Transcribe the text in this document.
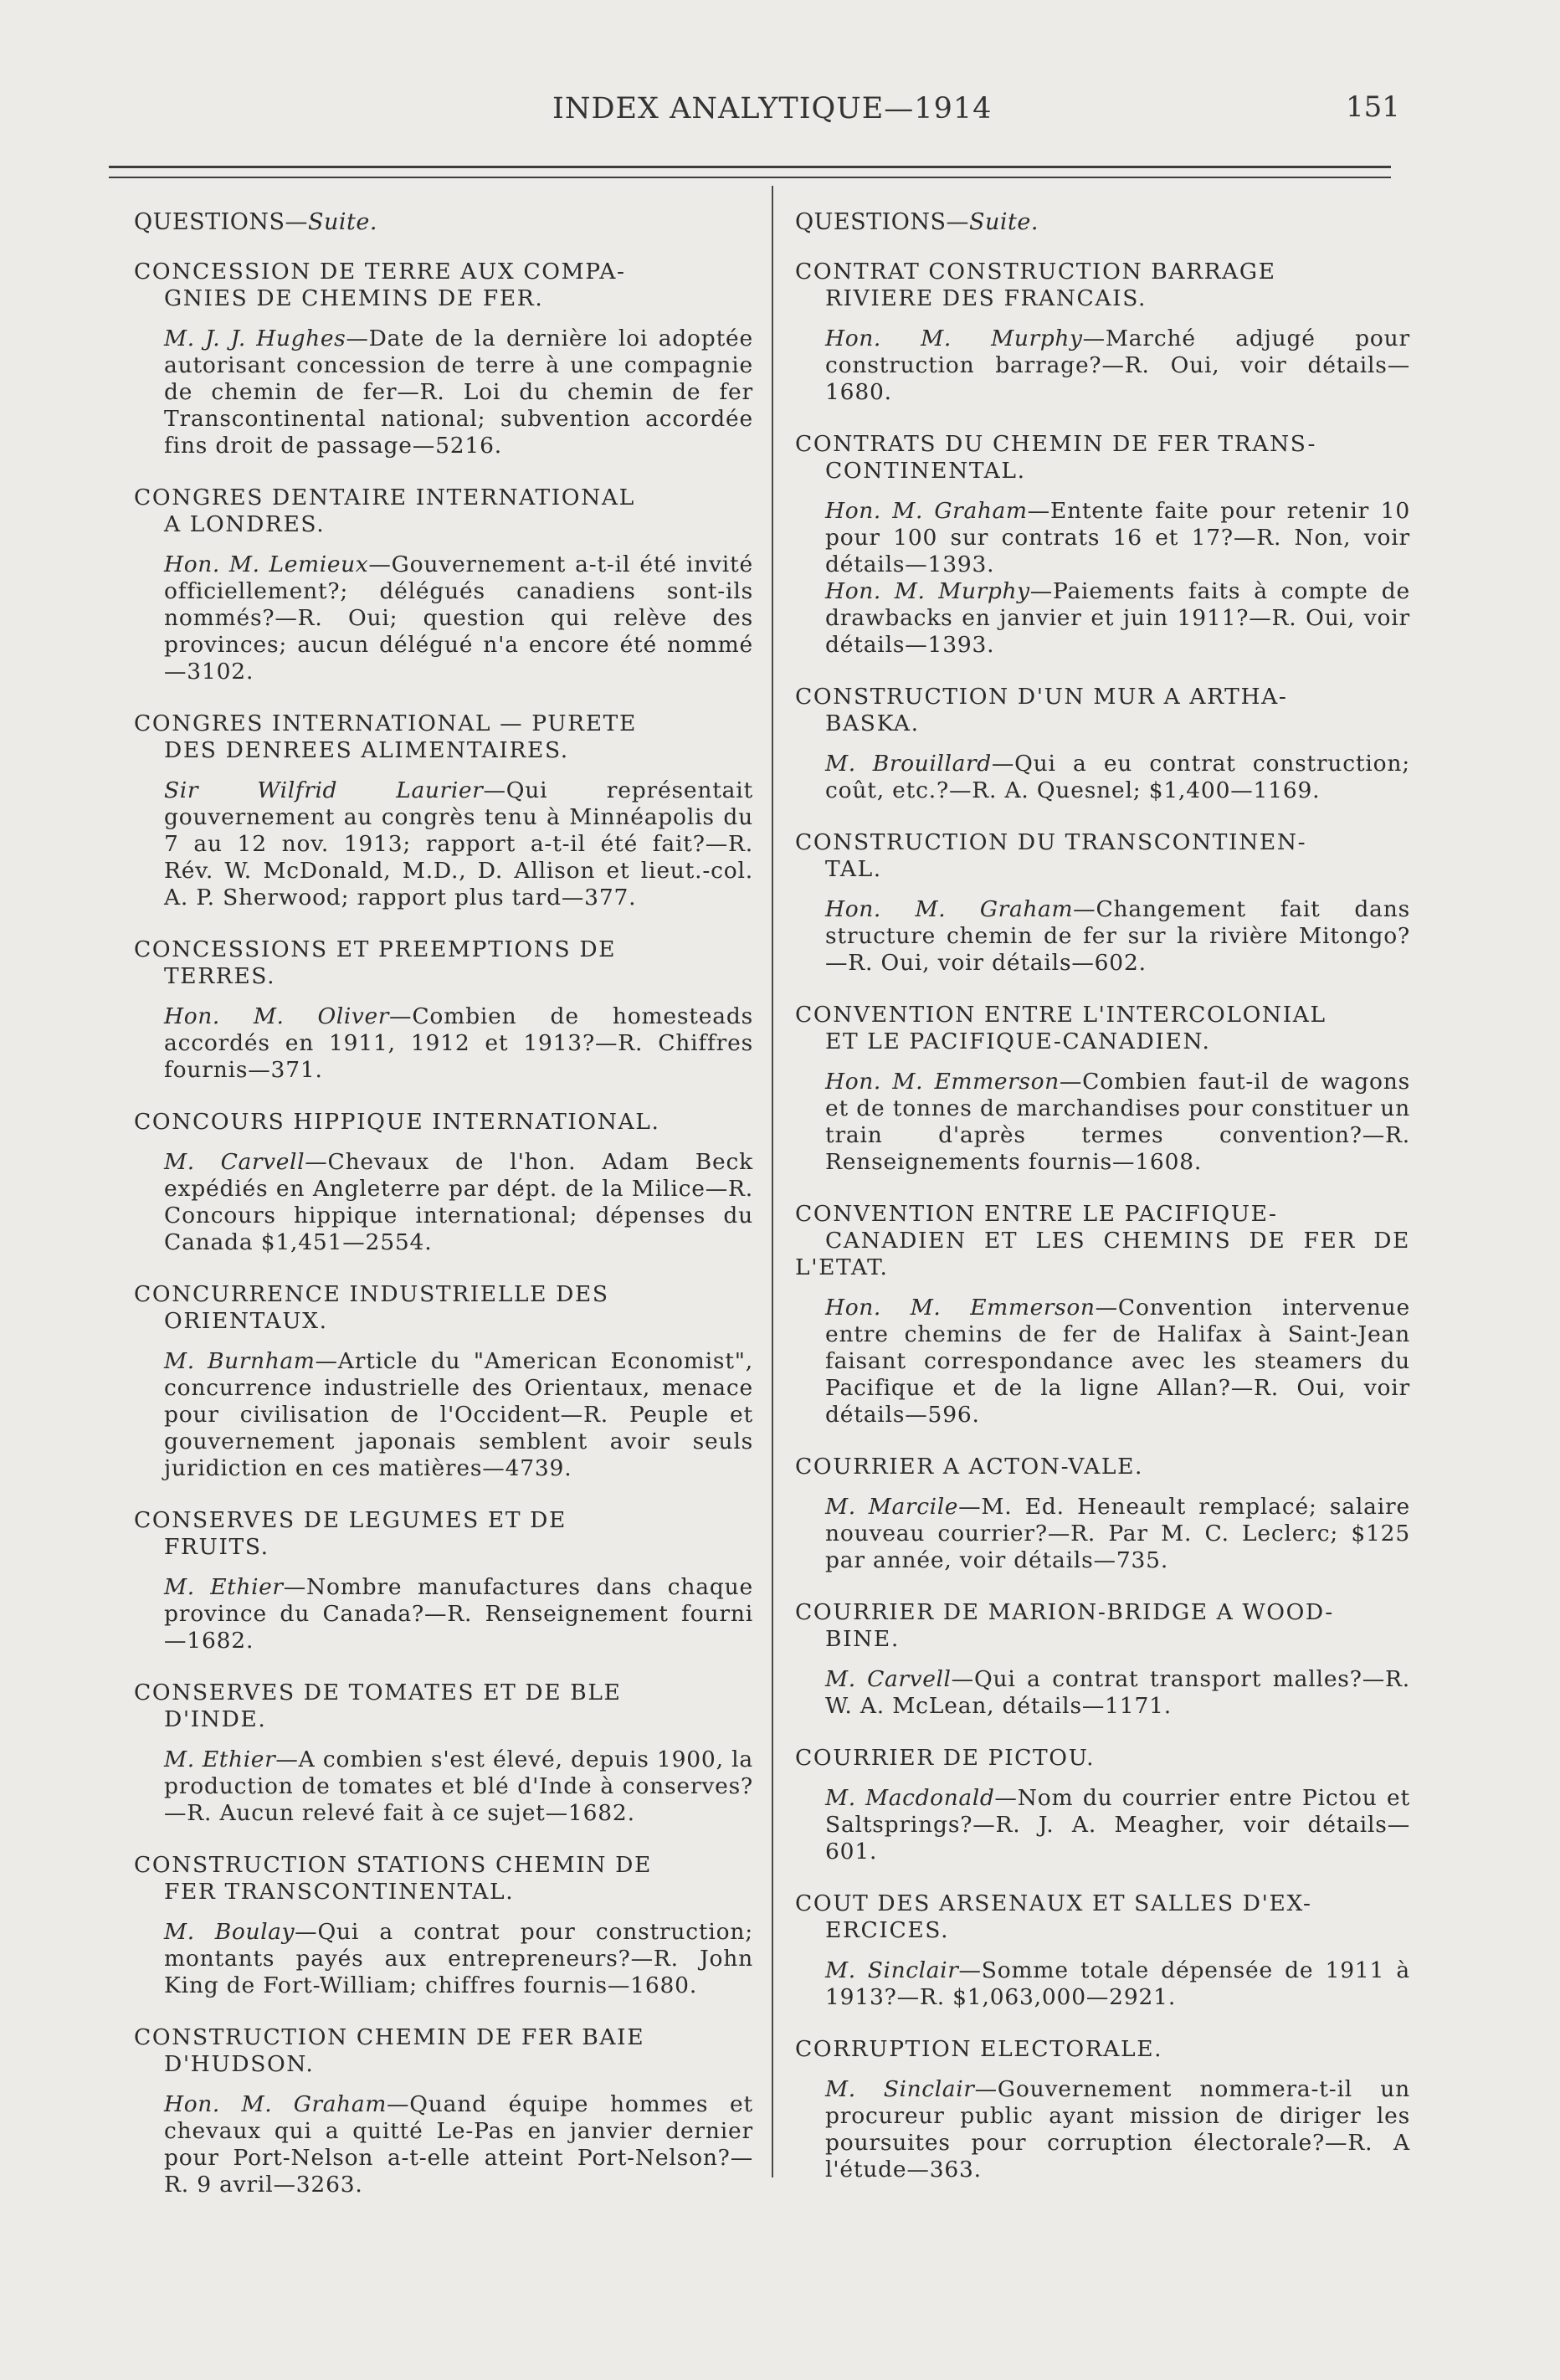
INDEX ANALYTIQUE—1914	151
QUESTIONS—Suite.
CONCESSION DE TERRE AUX COMPA-
GNIES DE CHEMINS DE FER.

M. J. J. Hughes—Date de la dernière loi adoptée autorisant concession de terre à une compagnie de chemin de fer—R. Loi du chemin de fer Transcontinental national; subvention accordée fins droit de passage—5216.

CONGRES DENTAIRE INTERNATIONAL
A LONDRES.

Hon. M. Lemieux—Gouvernement a-t-il été invité officiellement?; délégués canadiens sont-ils nommés?—R. Oui; question qui relève des provinces; aucun délégué n'a encore été nommé—3102.

CONGRES INTERNATIONAL — PURETE
DES DENREES ALIMENTAIRES.

Sir Wilfrid Laurier—Qui représentait gouvernement au congrès tenu à Minnéapolis du 7 au 12 nov. 1913; rapport a-t-il été fait?—R. Rév. W. McDonald, M.D., D. Allison et lieut.-col. A. P. Sherwood; rapport plus tard—377.

CONCESSIONS ET PREEMPTIONS DE
TERRES.

Hon. M. Oliver—Combien de homesteads accordés en 1911, 1912 et 1913?—R. Chiffres fournis—371.

CONCOURS HIPPIQUE INTERNATIONAL.

M. Carvell—Chevaux de l'hon. Adam Beck expédiés en Angleterre par dépt. de la Milice—R. Concours hippique international; dépenses du Canada $1,451—2554.

CONCURRENCE INDUSTRIELLE DES
ORIENTAUX.

M. Burnham—Article du "American Economist", concurrence industrielle des Orientaux, menace pour civilisation de l'Occident—R. Peuple et gouvernement japonais semblent avoir seuls juridiction en ces matières—4739.

CONSERVES DE LEGUMES ET DE
FRUITS.

M. Ethier—Nombre manufactures dans chaque province du Canada?—R. Renseignement fourni—1682.

CONSERVES DE TOMATES ET DE BLE
D'INDE.

M. Ethier—A combien s'est élevé, depuis 1900, la production de tomates et blé d'Inde à conserves?—R. Aucun relevé fait à ce sujet—1682.

CONSTRUCTION STATIONS CHEMIN DE
FER TRANSCONTINENTAL.

M. Boulay—Qui a contrat pour construction; montants payés aux entrepreneurs?—R. John King de Fort-William; chiffres fournis—1680.

CONSTRUCTION CHEMIN DE FER BAIE
D'HUDSON.

Hon. M. Graham—Quand équipe hommes et chevaux qui a quitté Le-Pas en janvier dernier pour Port-Nelson a-t-elle atteint Port-Nelson?—R. 9 avril—3263.

QUESTIONS—Suite.
CONTRAT CONSTRUCTION BARRAGE
RIVIERE DES FRANCAIS.

Hon. M. Murphy—Marché adjugé pour construction barrage?—R. Oui, voir détails—1680.

CONTRATS DU CHEMIN DE FER TRANS-
CONTINENTAL.

Hon. M. Graham—Entente faite pour retenir 10 pour 100 sur contrats 16 et 17?—R. Non, voir détails—1393.

Hon. M. Murphy—Paiements faits à compte de drawbacks en janvier et juin 1911?—R. Oui, voir détails—1393.

CONSTRUCTION D'UN MUR A ARTHA-
BASKA.

M. Brouillard—Qui a eu contrat construction; coût, etc.?—R. A. Quesnel; $1,400—1169.

CONSTRUCTION DU TRANSCONTINEN-
TAL.

Hon. M. Graham—Changement fait dans structure chemin de fer sur la rivière Mitongo?—R. Oui, voir détails—602.

CONVENTION ENTRE L'INTERCOLONIAL
ET LE PACIFIQUE-CANADIEN.

Hon. M. Emmerson—Combien faut-il de wagons et de tonnes de marchandises pour constituer un train d'après termes convention?—R. Renseignements fournis—1608.

CONVENTION ENTRE LE PACIFIQUE-
CANADIEN ET LES CHEMINS DE FER DE L'ETAT.

Hon. M. Emmerson—Convention intervenue entre chemins de fer de Halifax à Saint-Jean faisant correspondance avec les steamers du Pacifique et de la ligne Allan?—R. Oui, voir détails—596.

COURRIER A ACTON-VALE.

M. Marcile—M. Ed. Heneault remplacé; salaire nouveau courrier?—R. Par M. C. Leclerc; $125 par année, voir détails—735.

COURRIER DE MARION-BRIDGE A WOOD-
BINE.

M. Carvell—Qui a contrat transport malles?—R. W. A. McLean, détails—1171.

COURRIER DE PICTOU.

M. Macdonald—Nom du courrier entre Pictou et Saltsprings?—R. J. A. Meagher, voir détails—601.

COUT DES ARSENAUX ET SALLES D'EX-
ERCICES.

M. Sinclair—Somme totale dépensée de 1911 à 1913?—R. $1,063,000—2921.

CORRUPTION ELECTORALE.

M. Sinclair—Gouvernement nommera-t-il un procureur public ayant mission de diriger les poursuites pour corruption électorale?—R. A l'étude—363.
